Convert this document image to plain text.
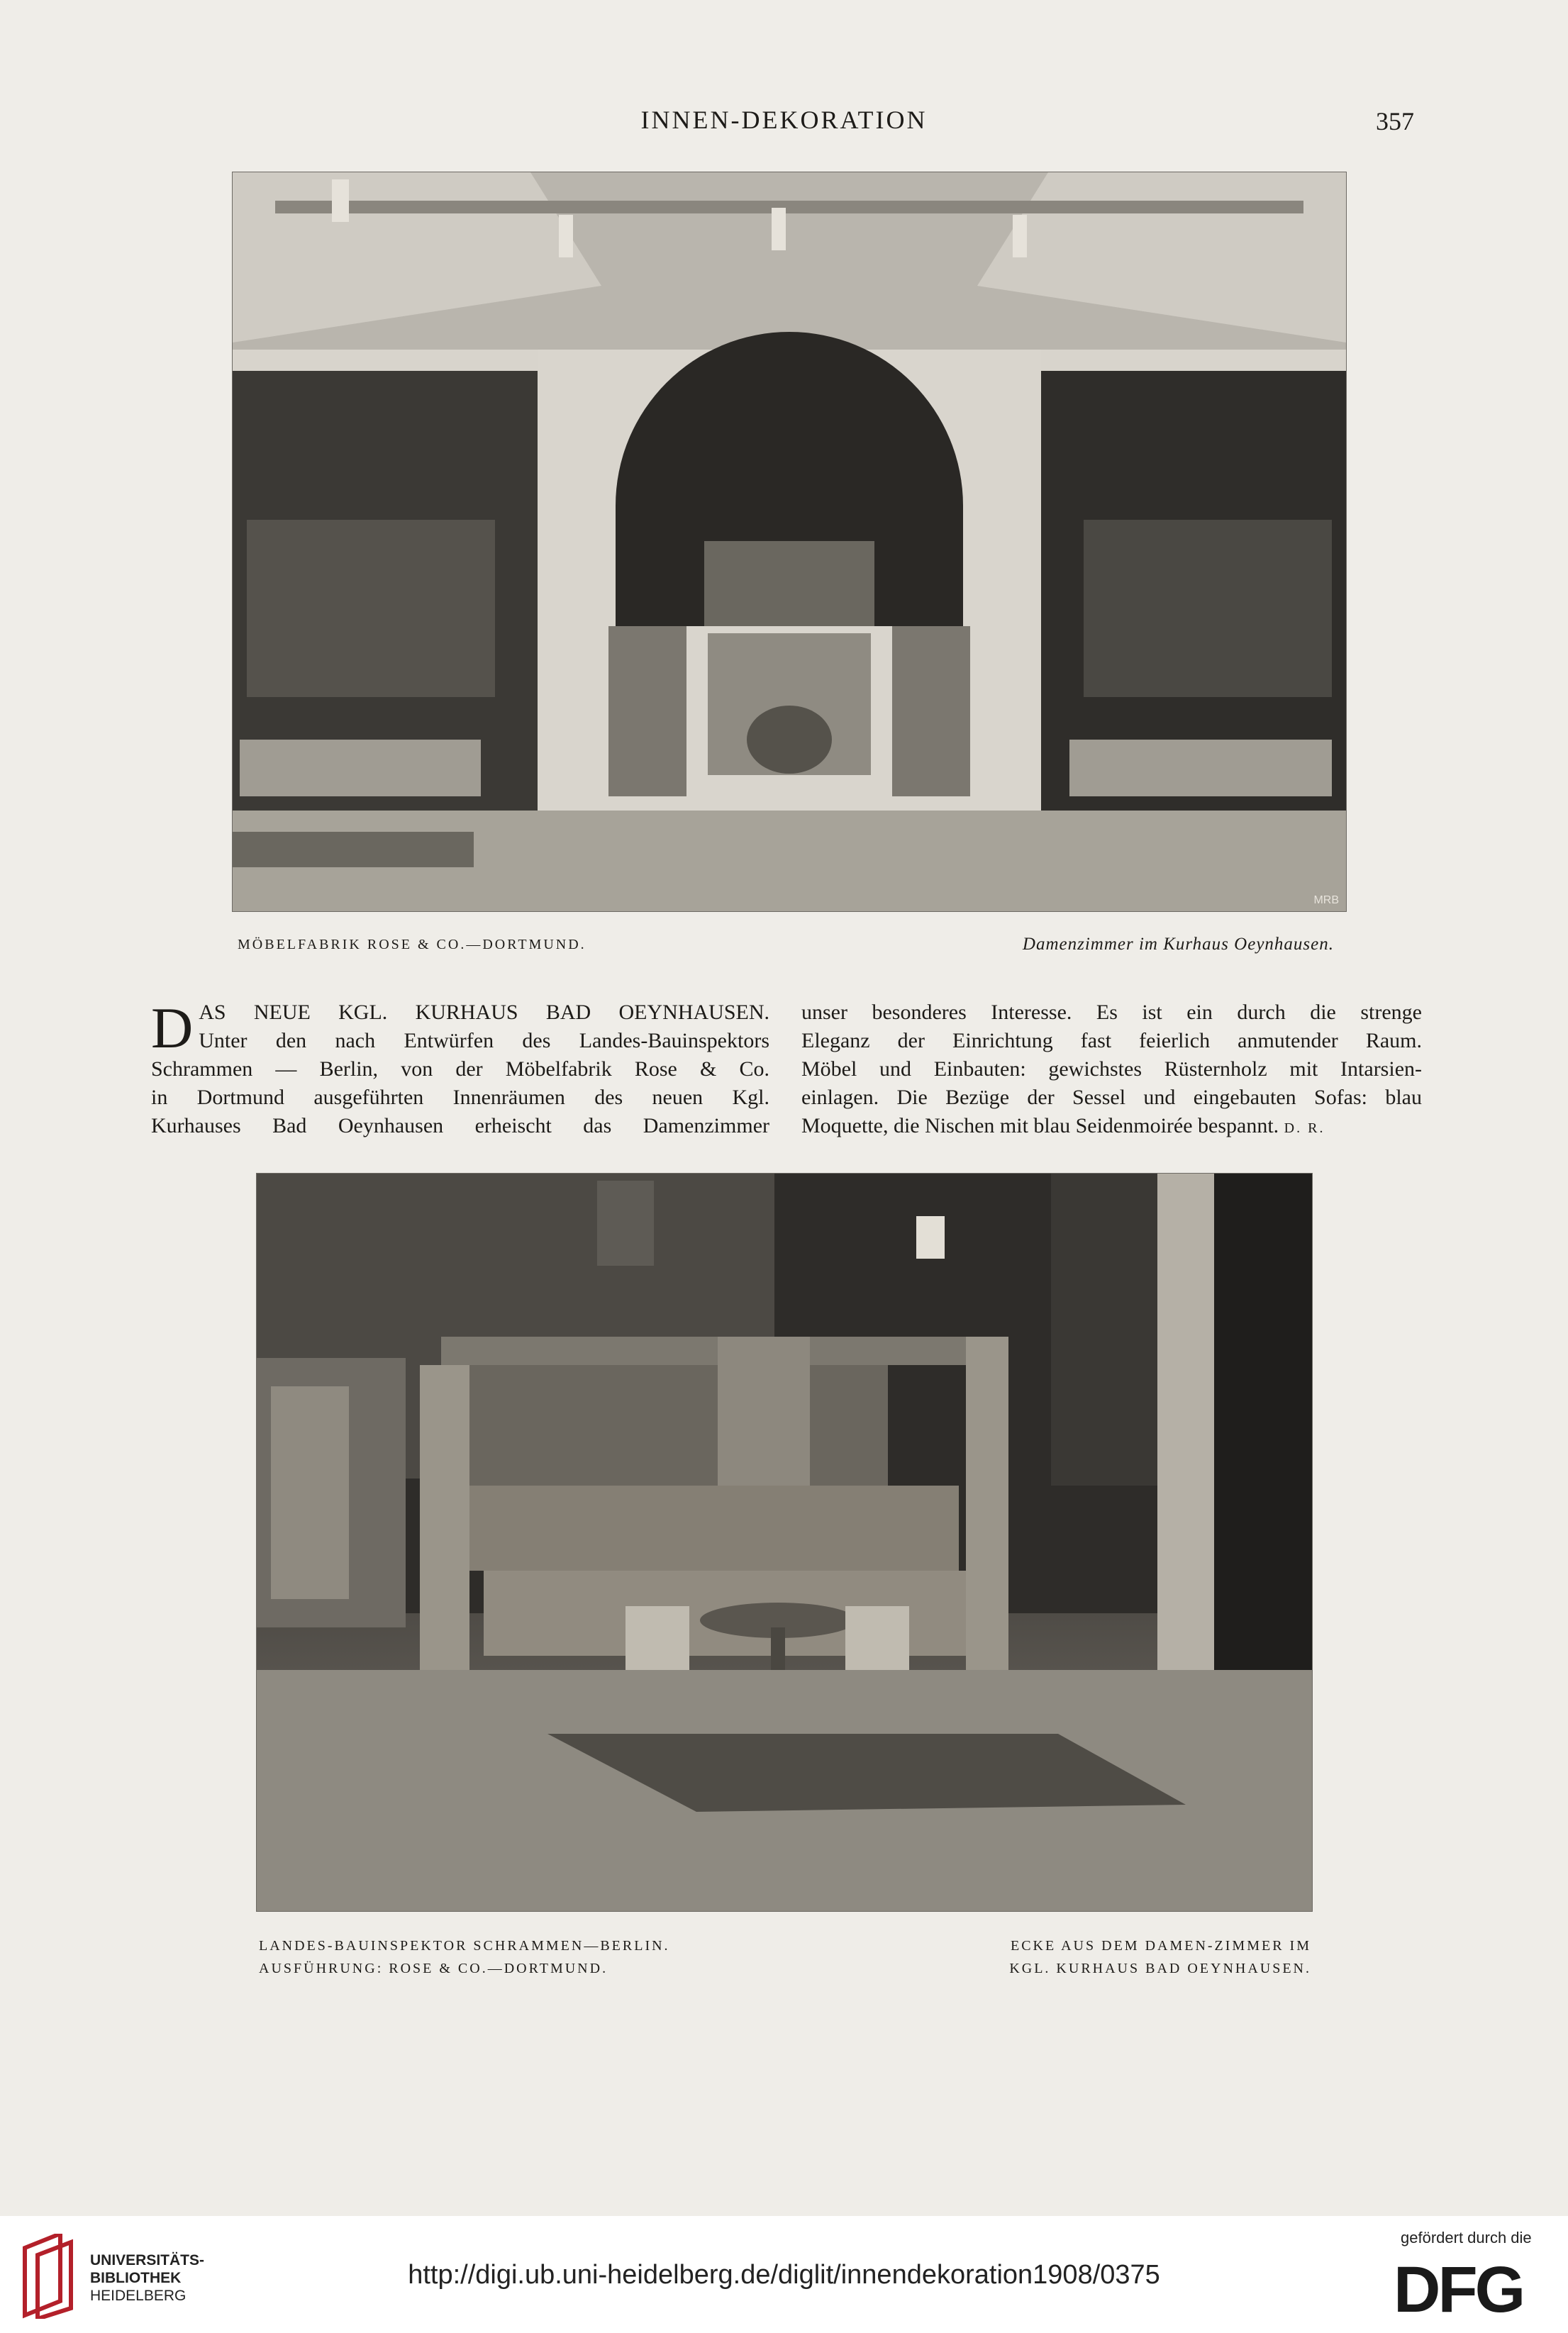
INNEN-DEKORATION	357
MRB
MÖBELFABRIK ROSE & CO.—DORTMUND.	Damenzimmer im Kurhaus Oeynhausen.
D AS NEUE KGL. KURHAUS BAD OEYNHAUSEN.
Unter den nach Entwürfen des Landes-Bauinspektors
Schrammen — Berlin, von der Möbelfabrik Rose & Co.
in Dortmund ausgeführten Innenräumen des neuen Kgl.
Kurhauses Bad Oeynhausen erheischt das Damenzimmer
unser besonderes Interesse. Es ist ein durch die strenge
Eleganz der Einrichtung fast feierlich anmutender Raum.
Möbel und Einbauten: gewichstes Rüsternholz mit Intarsien-
einlagen. Die Bezüge der Sessel und eingebauten Sofas: blau
Moquette, die Nischen mit blau Seidenmoirée bespannt. D. R.
LANDES-BAUINSPEKTOR SCHRAMMEN—BERLIN.
AUSFÜHRUNG: ROSE & CO.—DORTMUND.
ECKE AUS DEM DAMEN-ZIMMER IM
KGL. KURHAUS BAD OEYNHAUSEN.
UNIVERSITÄTS-
BIBLIOTHEK
HEIDELBERG
http://digi.ub.uni-heidelberg.de/diglit/innendekoration1908/0375
gefördert durch die
DFG
